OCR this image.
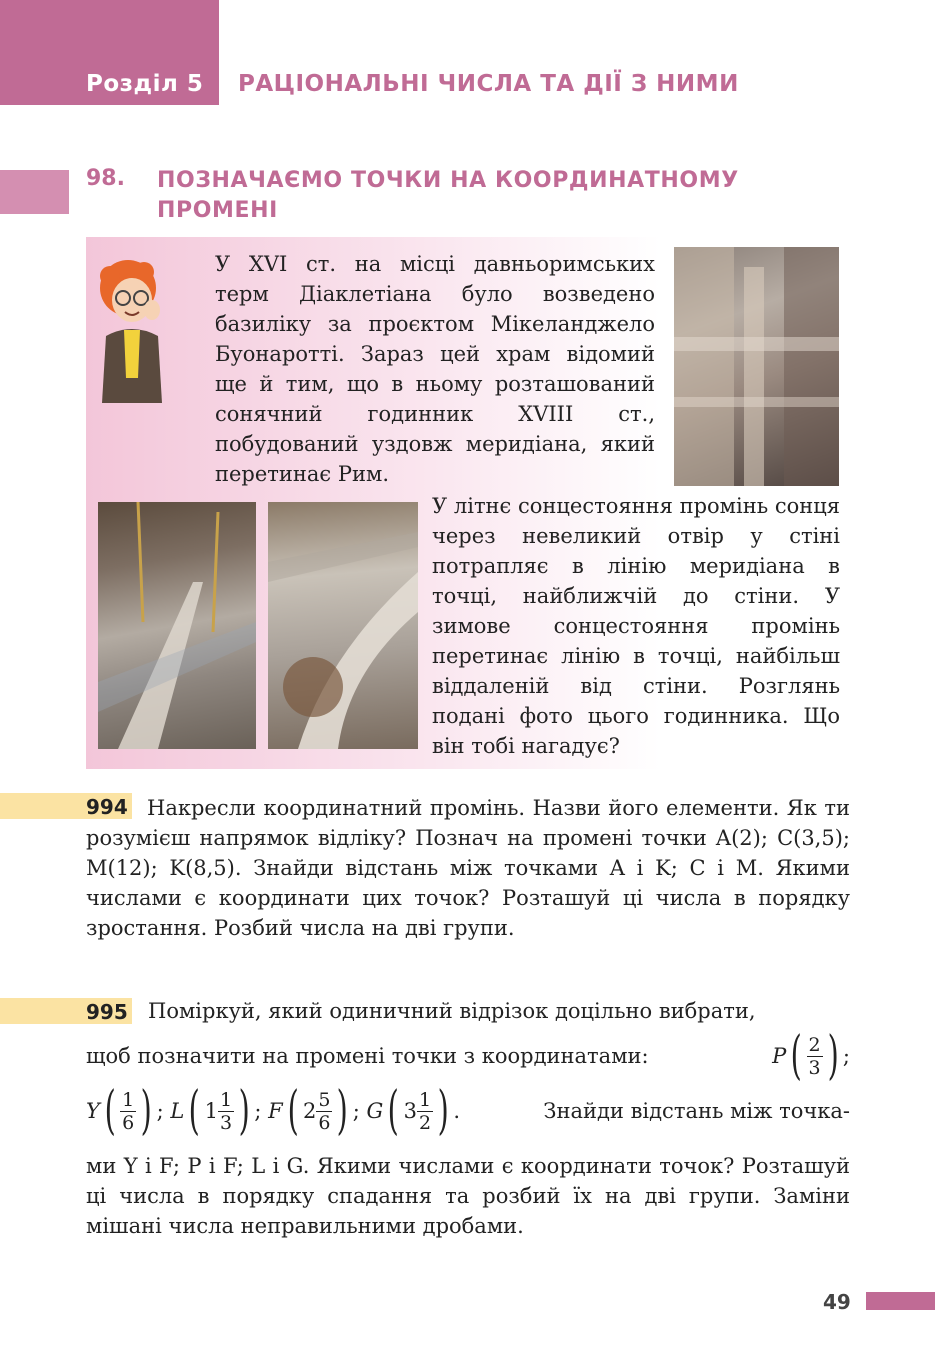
Розділ 5 РАЦІОНАЛЬНІ ЧИСЛА ТА ДІЇ З НИМИ
98. ПОЗНАЧАЄМО ТОЧКИ НА КООРДИНАТНОМУ ПРОМЕНІ

У XVI ст. на місці давньоримських терм Діаклетіана було возведено базиліку за проєктом Мікеланджело Буонаротті. Зараз цей храм відомий ще й тим, що в ньому розташований сонячний годинник XVIII ст., побудований уздовж меридіана, який перетинає Рим.

У літнє сонцестояння промінь сонця через невеликий отвір у стіні потрапляє в лінію меридіана в точці, найближчій до стіни. У зимове сонцестояння промінь перетинає лінію в точці, найбільш віддаленій від стіни. Розглянь подані фото цього годинника. Що він тобі нагадує?

994 Накресли координатний промінь. Назви його елементи. Як ти розумієш напрямок відліку? Познач на промені точки A(2); C(3,5); M(12); K(8,5). Знайди відстань між точками A і K; C і M. Якими числами є координати цих точок? Розташуй ці числа в порядку зростання. Розбий числа на дві групи.

995 Поміркуй, який одиничний відрізок доцільно вибрати,

щоб позначити на промені точки з координатами:	P ( 2
3 ) ;
Y ( 1
6 ) ; L ( 1 1
3 ) ; F ( 2 5
6 ) ; G ( 3 1
2 ) .	Знайди відстань між точка-

ми Y і F; P і F; L і G. Якими числами є координати точок? Розташуй ці числа в порядку спадання та розбий їх на дві групи. Заміни мішані числа неправильними дробами.

49
